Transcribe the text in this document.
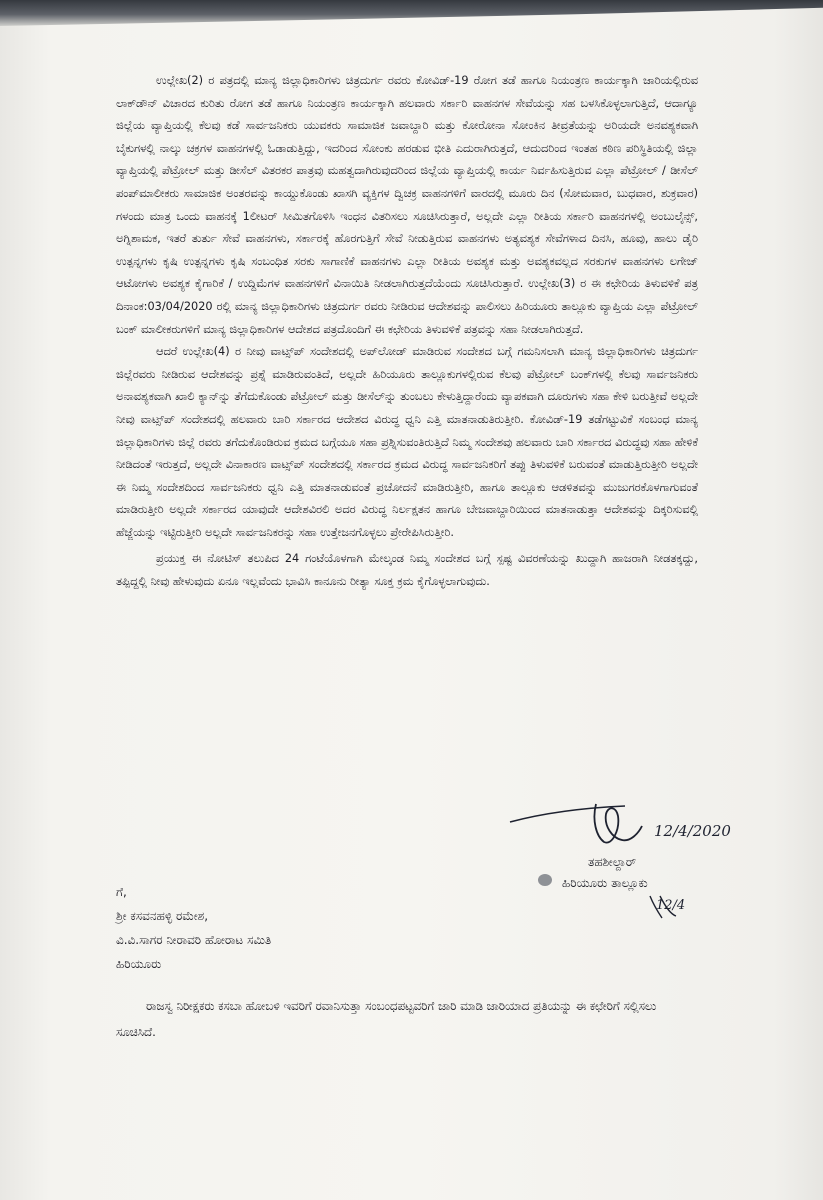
ಉಲ್ಲೇಖ(2) ರ ಪತ್ರದಲ್ಲಿ ಮಾನ್ಯ ಜಿಲ್ಲಾಧಿಕಾರಿಗಳು ಚಿತ್ರದುರ್ಗ ರವರು ಕೋವಿಡ್-19 ರೋಗ ತಡೆ ಹಾಗೂ ನಿಯಂತ್ರಣ ಕಾರ್ಯಕ್ಕಾಗಿ ಜಾರಿಯಲ್ಲಿರುವ ಲಾಕ್‌ಡೌನ್ ವಿಚಾರದ ಕುರಿತು ರೋಗ ತಡೆ ಹಾಗೂ ನಿಯಂತ್ರಣ ಕಾರ್ಯಕ್ಕಾಗಿ ಹಲವಾರು ಸರ್ಕಾರಿ ವಾಹನಗಳ ಸೇವೆಯನ್ನು ಸಹ ಬಳಸಿಕೊಳ್ಳಲಾಗುತ್ತಿದೆ, ಆದಾಗ್ಯೂ ಜಿಲ್ಲೆಯ ವ್ಯಾಪ್ತಿಯಲ್ಲಿ ಕೆಲವು ಕಡೆ ಸಾರ್ವಜನಿಕರು ಯುವಕರು ಸಾಮಾಜಿಕ ಜವಾಬ್ದಾರಿ ಮತ್ತು ಕೋರೋನಾ ಸೋಂಕಿನ ತೀವ್ರತೆಯನ್ನು ಅರಿಯದೇ ಅನವಶ್ಯಕವಾಗಿ ಬೈಕುಗಳಲ್ಲಿ ನಾಲ್ಕು ಚಕ್ರಗಳ ವಾಹನಗಳಲ್ಲಿ ಓಡಾಡುತ್ತಿದ್ದು, ಇದರಿಂದ ಸೋಂಕು ಹರಡುವ ಭೀತಿ ಎದುರಾಗಿರುತ್ತದೆ, ಆದುದರಿಂದ ಇಂತಹ ಕಠಿಣ ಪರಿಸ್ಥಿತಿಯಲ್ಲಿ ಜಿಲ್ಲಾ ವ್ಯಾಪ್ತಿಯಲ್ಲಿ ಪೆಟ್ರೋಲ್ ಮತ್ತು ಡೀಸೆಲ್ ವಿತರಕರ ಪಾತ್ರವು ಮಹತ್ವದಾಗಿರುವುದರಿಂದ ಜಿಲ್ಲೆಯ ವ್ಯಾಪ್ತಿಯಲ್ಲಿ ಕಾರ್ಯ ನಿರ್ವಹಿಸುತ್ತಿರುವ ಎಲ್ಲಾ ಪೆಟ್ರೋಲ್ / ಡೀಸೆಲ್ ಪಂಪ್‌ಮಾಲೀಕರು ಸಾಮಾಜಿಕ ಅಂತರವನ್ನು ಕಾಯ್ದುಕೊಂಡು ಖಾಸಗಿ ವ್ಯಕ್ತಿಗಳ ದ್ವಿಚಕ್ರ ವಾಹನಗಳಿಗೆ ವಾರದಲ್ಲಿ ಮೂರು ದಿನ (ಸೋಮವಾರ, ಬುಧವಾರ, ಶುಕ್ರವಾರ) ಗಳಂದು ಮಾತ್ರ ಒಂದು ವಾಹನಕ್ಕೆ 1ಲೀಟರ್ ಸೀಮಿತಗೊಳಿಸಿ ಇಂಧನ ವಿತರಿಸಲು ಸೂಚಿಸಿರುತ್ತಾರೆ, ಅಲ್ಲದೇ ಎಲ್ಲಾ ರೀತಿಯ ಸರ್ಕಾರಿ ವಾಹನಗಳಲ್ಲಿ ಅಂಬುಲೈನ್ಸ್, ಅಗ್ನಿಶಾಮಕ, ಇತರೆ ತುರ್ತು ಸೇವೆ ವಾಹನಗಳು, ಸರ್ಕಾರಕ್ಕೆ ಹೊರಗುತ್ತಿಗೆ ಸೇವೆ ನೀಡುತ್ತಿರುವ ವಾಹನಗಳು ಅತ್ಯವಶ್ಯಕ ಸೇವೆಗಳಾದ ದಿನಸಿ, ಹೂವು, ಹಾಲು ಡೈರಿ ಉತ್ಪನ್ನಗಳು ಕೃಷಿ ಉತ್ಪನ್ನಗಳು ಕೃಷಿ ಸಂಬಂಧಿತ ಸರಕು ಸಾಗಾಣಿಕೆ ವಾಹನಗಳು ಎಲ್ಲಾ ರೀತಿಯ ಅವಶ್ಯಕ ಮತ್ತು ಅವಶ್ಯಕವಲ್ಲದ ಸರಕುಗಳ ವಾಹನಗಳು ಲಗೇಜ್ ಆಟೋಗಳು ಅವಶ್ಯಕ ಕೈಗಾರಿಕೆ / ಉದ್ದಿಮೆಗಳ ವಾಹನಗಳಿಗೆ ವಿನಾಯಿತಿ ನೀಡಲಾಗಿರುತ್ತದೆಯೆಂದು ಸೂಚಿಸಿರುತ್ತಾರೆ. ಉಲ್ಲೇಖ(3) ರ ಈ ಕಛೇರಿಯ ತಿಳುವಳಿಕೆ ಪತ್ರ ದಿನಾಂಕ:03/04/2020 ರಲ್ಲಿ ಮಾನ್ಯ ಜಿಲ್ಲಾಧಿಕಾರಿಗಳು ಚಿತ್ರದುರ್ಗ ರವರು ನೀಡಿರುವ ಆದೇಶವನ್ನು ಪಾಲಿಸಲು ಹಿರಿಯೂರು ತಾಲ್ಲೂಕು ವ್ಯಾಪ್ತಿಯ ಎಲ್ಲಾ ಪೆಟ್ರೋಲ್ ಬಂಕ್ ಮಾಲೀಕರುಗಳಿಗೆ ಮಾನ್ಯ ಜಿಲ್ಲಾಧಿಕಾರಿಗಳ ಆದೇಶದ ಪತ್ರದೊಂದಿಗೆ ಈ ಕಛೇರಿಯ ತಿಳುವಳಿಕೆ ಪತ್ರವನ್ನು ಸಹಾ ನೀಡಲಾಗಿರುತ್ತದೆ.

ಆದರೆ ಉಲ್ಲೇಖ(4) ರ ನೀವು ವಾಟ್ಸ್‌ಪ್ ಸಂದೇಶದಲ್ಲಿ ಅಪ್‌ಲೋಡ್ ಮಾಡಿರುವ ಸಂದೇಶದ ಬಗ್ಗೆ ಗಮನಿಸಲಾಗಿ ಮಾನ್ಯ ಜಿಲ್ಲಾಧಿಕಾರಿಗಳು ಚಿತ್ರದುರ್ಗ ಜಿಲ್ಲೆರವರು ನೀಡಿರುವ ಆದೇಶವನ್ನು ಪ್ರಶ್ನೆ ಮಾಡಿರುವಂತಿದೆ, ಅಲ್ಲದೇ ಹಿರಿಯೂರು ತಾಲ್ಲೂಕುಗಳಲ್ಲಿರುವ ಕೆಲವು ಪೆಟ್ರೋಲ್ ಬಂಕ್‌ಗಳಲ್ಲಿ ಕೆಲವು ಸಾರ್ವಜನಿಕರು ಅನಾವಶ್ಯಕವಾಗಿ ಖಾಲಿ ಕ್ಯಾನ್‌ನ್ನು ತೆಗೆದುಕೊಂಡು ಪೆಟ್ರೋಲ್ ಮತ್ತು ಡೀಸೆಲ್‌ನ್ನು ತುಂಬಲು ಕೇಳುತ್ತಿದ್ದಾರೆಂದು ವ್ಯಾಪಕವಾಗಿ ದೂರುಗಳು ಸಹಾ ಕೇಳಿ ಬರುತ್ತೀವೆ ಅಲ್ಲದೇ ನೀವು ವಾಟ್ಸ್‌ಪ್ ಸಂದೇಶದಲ್ಲಿ ಹಲವಾರು ಬಾರಿ ಸರ್ಕಾರದ ಆದೇಶದ ವಿರುದ್ಧ ಧ್ವನಿ ಎತ್ತಿ ಮಾತನಾಡುತಿರುತ್ತೀರಿ. ಕೋವಿಡ್-19 ತಡೆಗಟ್ಟುವಿಕೆ ಸಂಬಂಧ ಮಾನ್ಯ ಜಿಲ್ಲಾಧಿಕಾರಿಗಳು ಜಿಲ್ಲೆ ರವರು ತಗೆದುಕೊಂಡಿರುವ ಕ್ರಮದ ಬಗ್ಗೆಯೂ ಸಹಾ ಪ್ರಶ್ನಿಸುವಂತಿರುತ್ತಿದೆ ನಿಮ್ಮ ಸಂದೇಶವು ಹಲವಾರು ಬಾರಿ ಸರ್ಕಾರದ ವಿರುದ್ಧವು ಸಹಾ ಹೇಳಿಕೆ ನೀಡಿದಂತೆ ಇರುತ್ತದೆ, ಅಲ್ಲದೇ ವಿನಾಕಾರಣ ವಾಟ್ಸ್‌ಪ್ ಸಂದೇಶದಲ್ಲಿ ಸರ್ಕಾರದ ಕ್ರಮದ ವಿರುದ್ಧ ಸಾರ್ವಜನಿಕರಿಗೆ ತಪ್ಪು ತಿಳುವಳಿಕೆ ಬರುವಂತೆ ಮಾಡುತ್ತಿರುತ್ತೀರಿ ಅಲ್ಲದೇ ಈ ನಿಮ್ಮ ಸಂದೇಶದಿಂದ ಸಾರ್ವಜನಿಕರು ಧ್ವನಿ ಎತ್ತಿ ಮಾತನಾಡುವಂತೆ ಪ್ರಚೋದನೆ ಮಾಡಿರುತ್ತೀರಿ, ಹಾಗೂ ತಾಲ್ಲೂಕು ಆಡಳಿತವನ್ನು ಮುಜುಗರಕೊಳಗಾಗುವಂತೆ ಮಾಡಿರುತ್ತೀರಿ ಅಲ್ಲದೇ ಸರ್ಕಾರದ ಯಾವುದೇ ಆದೇಶವಿರಲಿ ಅದರ ವಿರುದ್ಧ ನಿರ್ಲಕ್ಷತನ ಹಾಗೂ ಬೇಜವಾಬ್ದಾರಿಯಿಂದ ಮಾತನಾಡುತ್ತಾ ಆದೇಶವನ್ನು ದಿಕ್ಕರಿಸುವಲ್ಲಿ ಹೆಜ್ಜೆಯನ್ನು ಇಟ್ಟಿರುತ್ತೀರಿ ಅಲ್ಲದೇ ಸಾರ್ವಜನಿಕರನ್ನು ಸಹಾ ಉತ್ತೇಜನಗೊಳ್ಳಲು ಪ್ರೇರೇಪಿಸಿರುತ್ತೀರಿ.

ಪ್ರಯುಕ್ತ ಈ ನೋಟಿಸ್ ತಲುಪಿದ 24 ಗಂಟೆಯೊಳಗಾಗಿ ಮೇಲ್ಕಂಡ ನಿಮ್ಮ ಸಂದೇಶದ ಬಗ್ಗೆ ಸ್ಪಷ್ಟ ವಿವರಣೆಯನ್ನು ಖುದ್ದಾಗಿ ಹಾಜರಾಗಿ ನೀಡತಕ್ಕದ್ದು, ತಪ್ಪಿದ್ದಲ್ಲಿ ನೀವು ಹೇಳುವುದು ಏನೂ ಇಲ್ಲವೆಂದು ಭಾವಿಸಿ ಕಾನೂನು ರೀತ್ಯಾ ಸೂಕ್ತ ಕ್ರಮ ಕೈಗೊಳ್ಳಲಾಗುವುದು.

12/4/2020
ತಹಶೀಲ್ದಾರ್
ಹಿರಿಯೂರು ತಾಲ್ಲೂಕು
12/4
ಗೆ,
ಶ್ರೀ ಕಸವನಹಳ್ಳಿ ರಮೇಶ,
ವಿ.ವಿ.ಸಾಗರ ನೀರಾವರಿ ಹೋರಾಟ ಸಮಿತಿ
ಹಿರಿಯೂರು
ರಾಜಸ್ವ ನಿರೀಕ್ಷಕರು ಕಸಬಾ ಹೋಬಳಿ ಇವರಿಗೆ ರವಾನಿಸುತ್ತಾ ಸಂಬಂಧಪಟ್ಟವರಿಗೆ ಜಾರಿ ಮಾಡಿ ಜಾರಿಯಾದ ಪ್ರತಿಯನ್ನು ಈ ಕಛೇರಿಗೆ ಸಲ್ಲಿಸಲು ಸೂಚಿಸಿದೆ.
